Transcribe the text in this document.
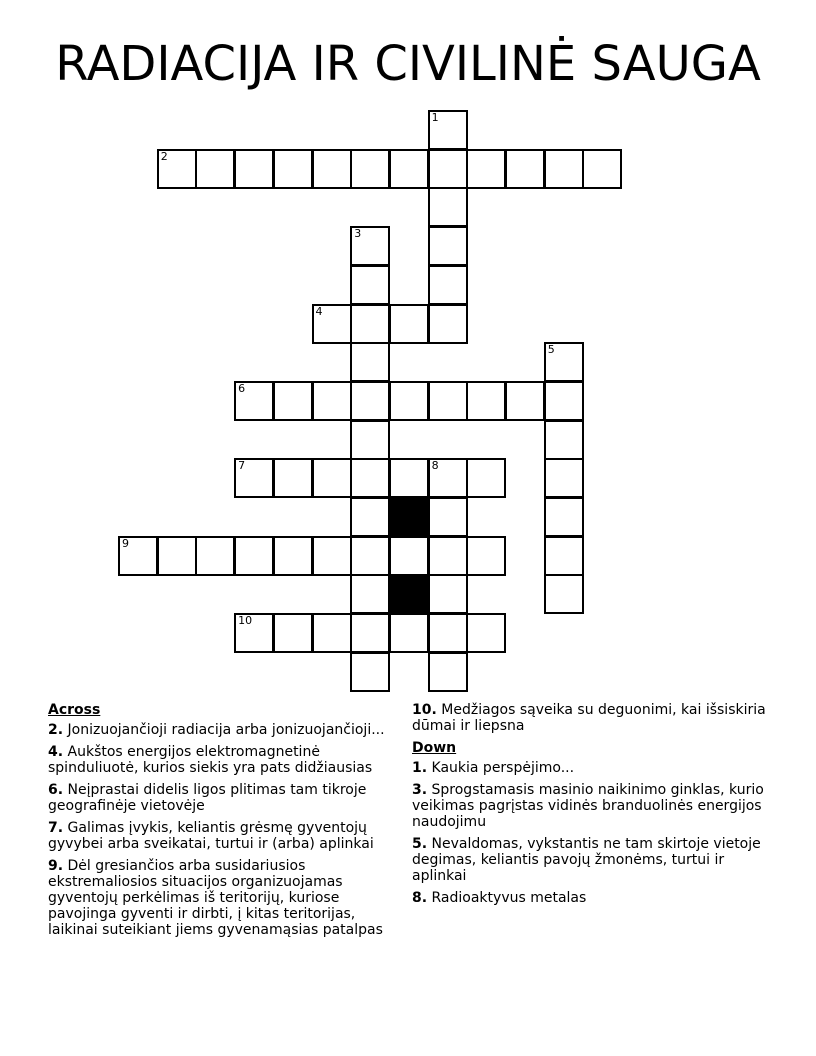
RADIACIJA IR CIVILINĖ SAUGA
1
2
3
4
5
6
7	8
9
10
Across
2. Jonizuojančioji radiacija arba jonizuojančioji...
4. Aukštos energijos elektromagnetinė spinduliuotė, kurios siekis yra pats didžiausias
6. Neįprastai didelis ligos plitimas tam tikroje geografinėje vietovėje
7. Galimas įvykis, keliantis grėsmę gyventojų gyvybei arba sveikatai, turtui ir (arba) aplinkai
9. Dėl gresiančios arba susidariusios ekstremaliosios situacijos organizuojamas gyventojų perkėlimas iš teritorijų, kuriose pavojinga gyventi ir dirbti, į kitas teritorijas, laikinai suteikiant jiems gyvenamąsias patalpas
10. Medžiagos sąveika su deguonimi, kai išsiskiria dūmai ir liepsna
Down
1. Kaukia perspėjimo...
3. Sprogstamasis masinio naikinimo ginklas, kurio veikimas pagrįstas vidinės branduolinės energijos naudojimu
5. Nevaldomas, vykstantis ne tam skirtoje vietoje degimas, keliantis pavojų žmonėms, turtui ir aplinkai
8. Radioaktyvus metalas
